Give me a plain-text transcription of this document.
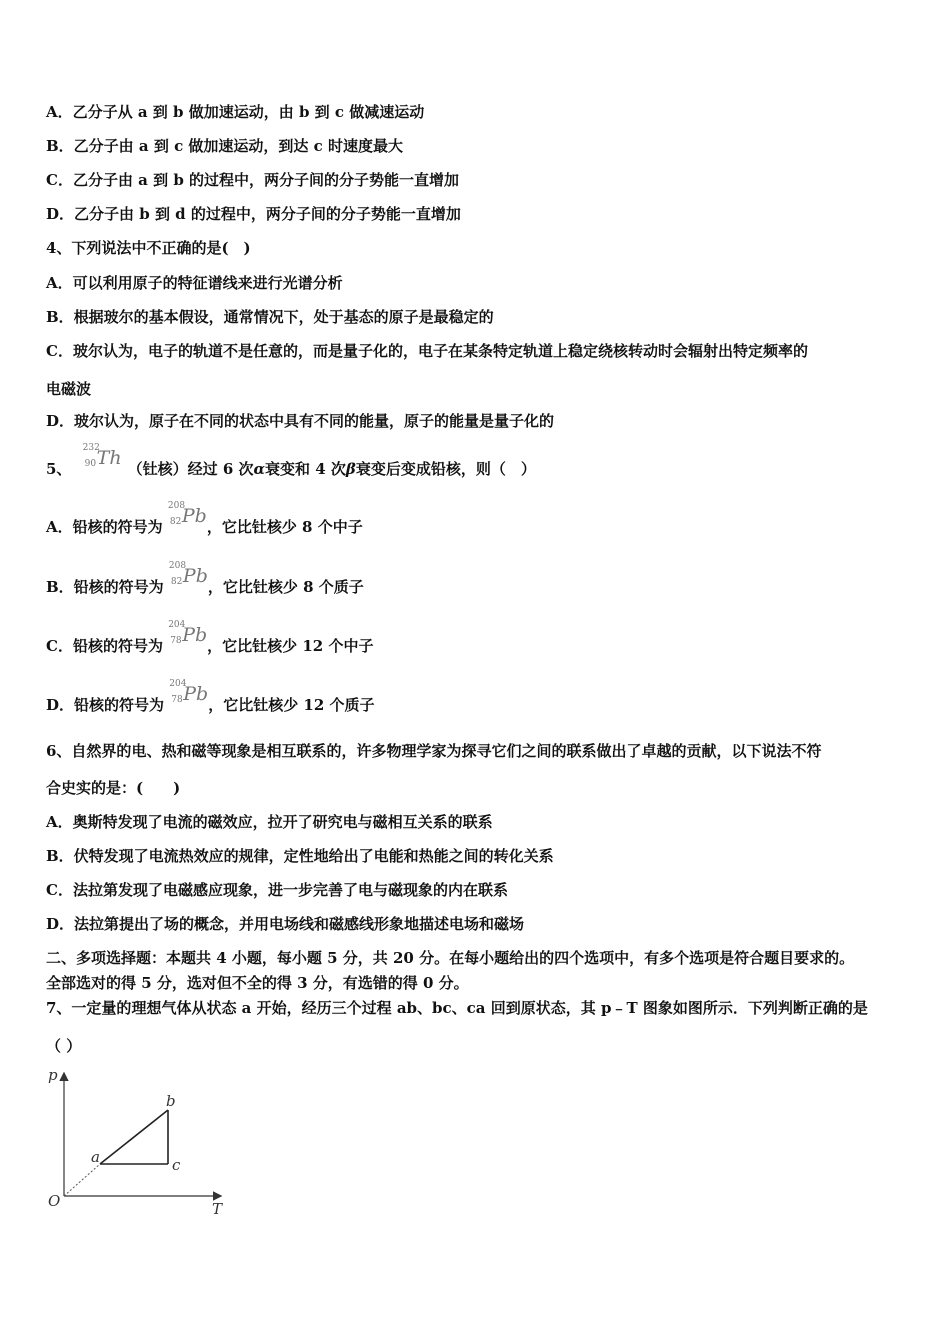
A．乙分子从 a 到 b 做加速运动，由 b 到 c 做减速运动
B．乙分子由 a 到 c 做加速运动，到达 c 时速度最大
C．乙分子由 a 到 b 的过程中，两分子间的分子势能一直增加
D．乙分子由 b 到 d 的过程中，两分子间的分子势能一直增加
4、下列说法中不正确的是(　)
A．可以利用原子的特征谱线来进行光谱分析
B．根据玻尔的基本假设，通常情况下，处于基态的原子是最稳定的
C．玻尔认为，电子的轨道不是任意的，而是量子化的，电子在某条特定轨道上稳定绕核转动时会辐射出特定频率的
电磁波
D．玻尔认为，原子在不同的状态中具有不同的能量，原子的能量是量子化的
5、
232
90 Th （钍核）经过 6 次α衰变和 4 次β衰变后变成铅核，则（　）
A．铅核的符号为
208
82 Pb，它比钍核少 8 个中子
B．铅核的符号为
208
82 Pb，它比钍核少 8 个质子
C．铅核的符号为
204
78 Pb，它比钍核少 12 个中子
D．铅核的符号为
204
78 Pb，它比钍核少 12 个质子
6、自然界的电、热和磁等现象是相互联系的，许多物理学家为探寻它们之间的联系做出了卓越的贡献，以下说法不符
合史实的是：(　　)
A．奥斯特发现了电流的磁效应，拉开了研究电与磁相互关系的联系
B．伏特发现了电流热效应的规律，定性地给出了电能和热能之间的转化关系
C．法拉第发现了电磁感应现象，进一步完善了电与磁现象的内在联系
D．法拉第提出了场的概念，并用电场线和磁感线形象地描述电场和磁场
二、多项选择题：本题共 4 小题，每小题 5 分，共 20 分。在每小题给出的四个选项中，有多个选项是符合题目要求的。
全部选对的得 5 分，选对但不全的得 3 分，有选错的得 0 分。
7、一定量的理想气体从状态 a 开始，经历三个过程 ab、bc、ca 回到原状态，其 p﹣T 图象如图所示．下列判断正确的是
（ ）
p
T
O
a
b
c
